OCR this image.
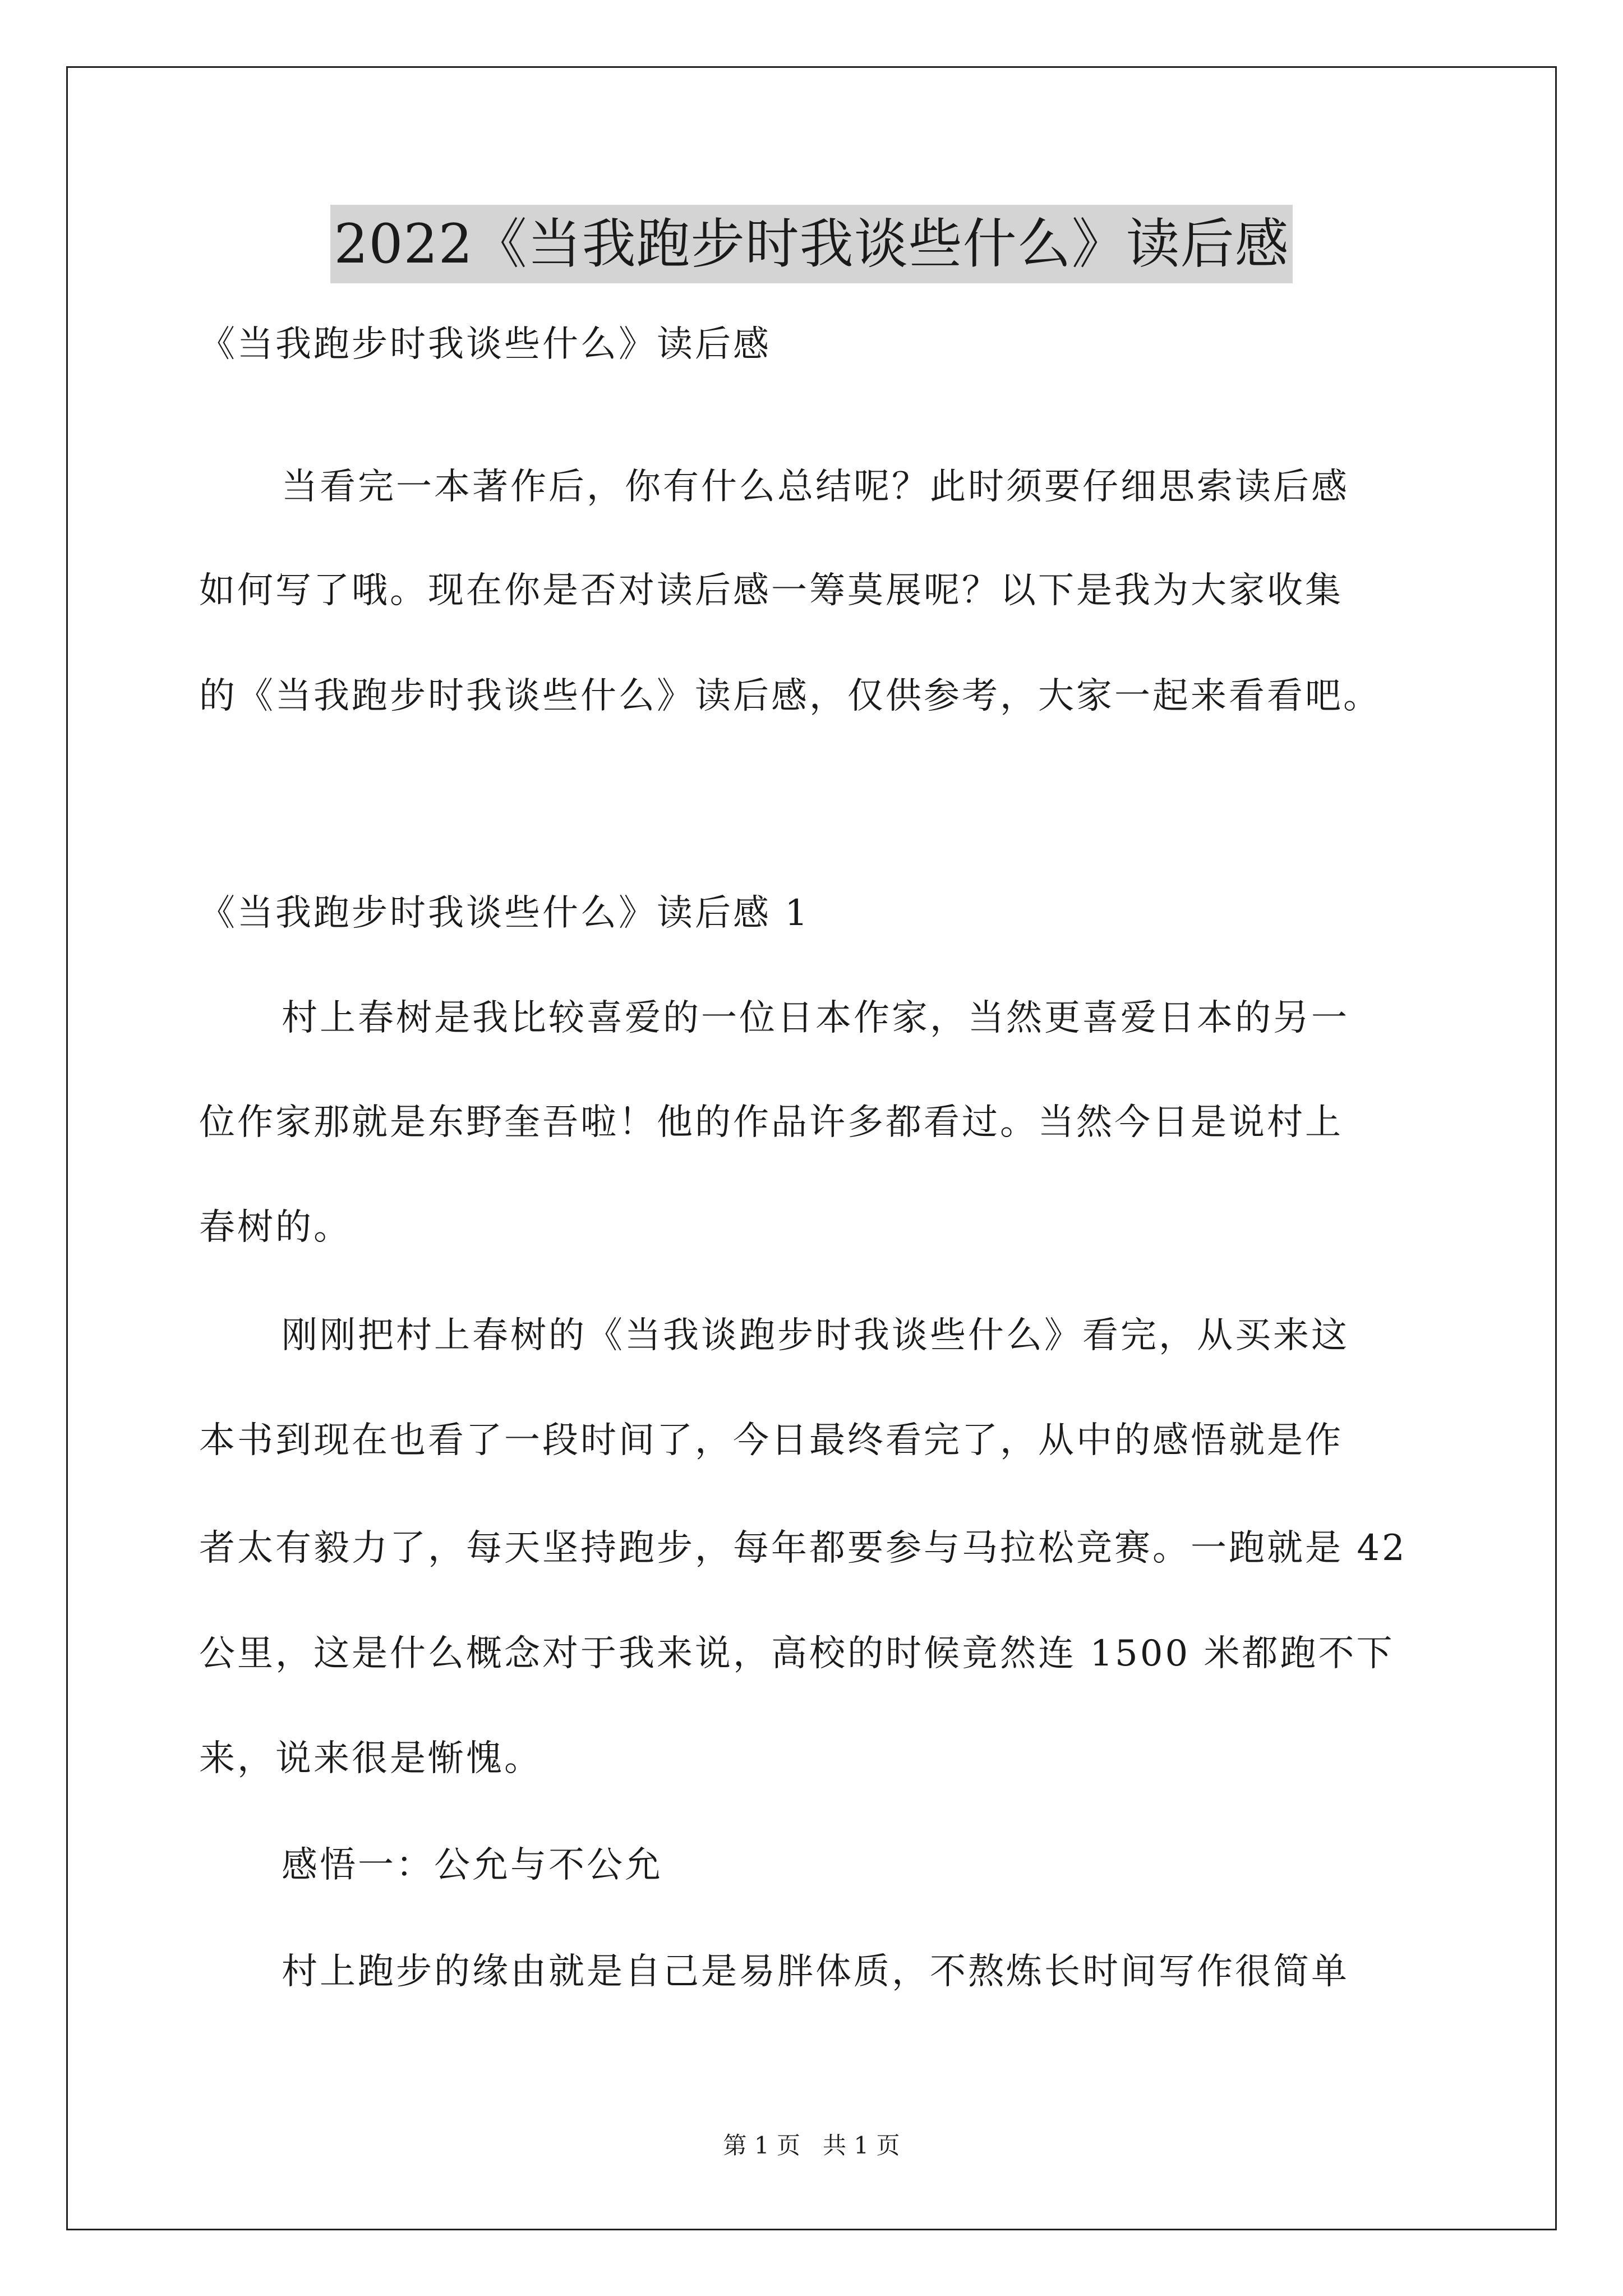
2022《当我跑步时我谈些什么》读后感
《当我跑步时我谈些什么》读后感
当看完一本著作后，你有什么总结呢？此时须要仔细思索读后感
如何写了哦。现在你是否对读后感一筹莫展呢？以下是我为大家收集
的《当我跑步时我谈些什么》读后感，仅供参考，大家一起来看看吧。
《当我跑步时我谈些什么》读后感 1
村上春树是我比较喜爱的一位日本作家，当然更喜爱日本的另一
位作家那就是东野奎吾啦！他的作品许多都看过。当然今日是说村上
春树的。
刚刚把村上春树的《当我谈跑步时我谈些什么》看完，从买来这
本书到现在也看了一段时间了，今日最终看完了，从中的感悟就是作
者太有毅力了，每天坚持跑步，每年都要参与马拉松竞赛。一跑就是 42
公里，这是什么概念对于我来说，高校的时候竟然连 1500 米都跑不下
来，说来很是惭愧。
感悟一：公允与不公允
村上跑步的缘由就是自己是易胖体质，不熬炼长时间写作很简单
第 1 页   共 1 页
